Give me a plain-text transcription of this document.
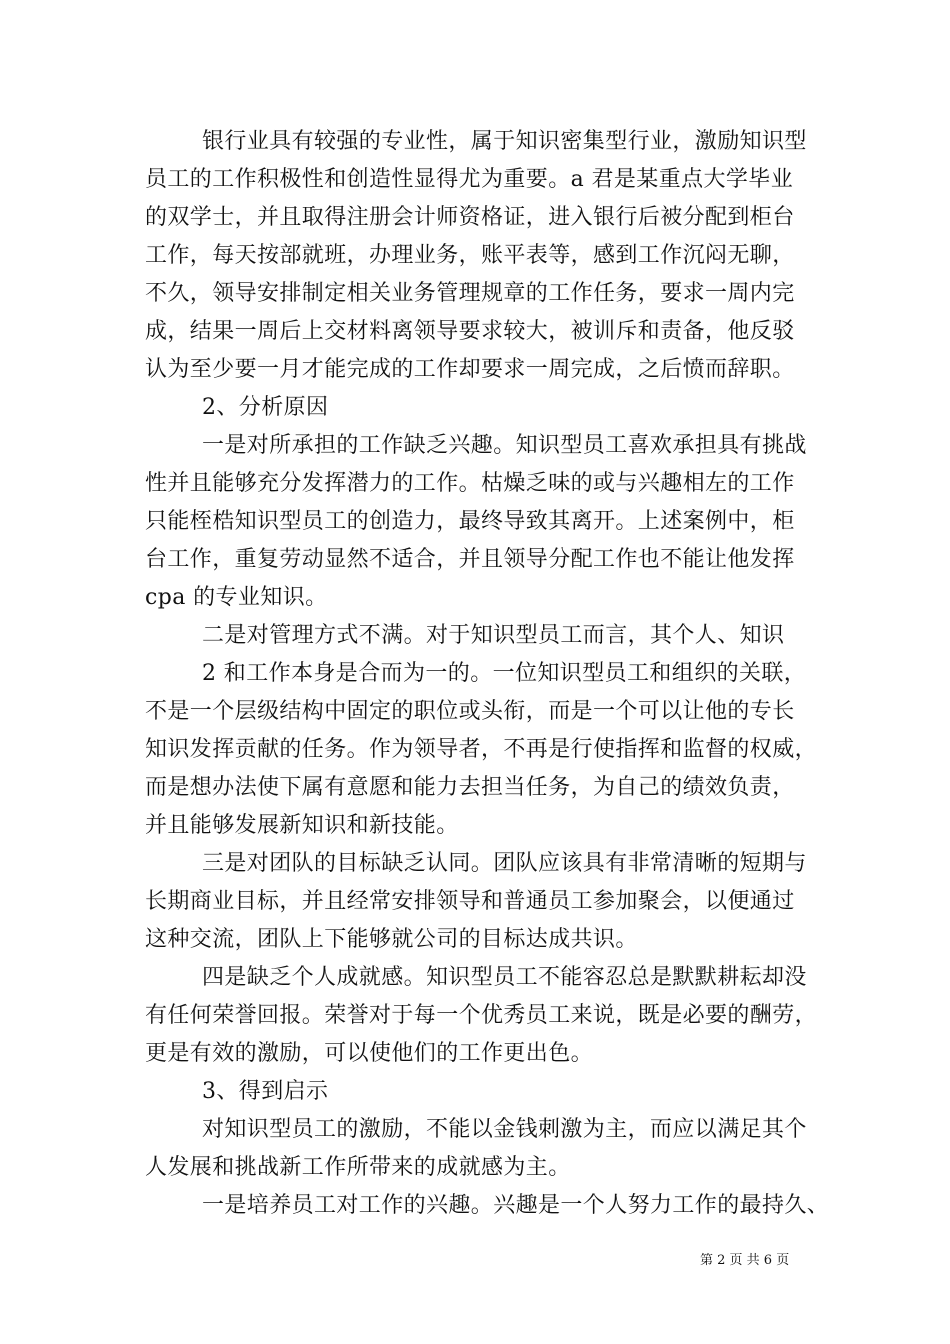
银行业具有较强的专业性，属于知识密集型行业，激励知识型
员工的工作积极性和创造性显得尤为重要。a 君是某重点大学毕业
的双学士，并且取得注册会计师资格证，进入银行后被分配到柜台
工作，每天按部就班，办理业务，账平表等，感到工作沉闷无聊，
不久，领导安排制定相关业务管理规章的工作任务，要求一周内完
成，结果一周后上交材料离领导要求较大，被训斥和责备，他反驳
认为至少要一月才能完成的工作却要求一周完成，之后愤而辞职。
2、分析原因
一是对所承担的工作缺乏兴趣。知识型员工喜欢承担具有挑战
性并且能够充分发挥潜力的工作。枯燥乏味的或与兴趣相左的工作
只能桎梏知识型员工的创造力，最终导致其离开。上述案例中，柜
台工作，重复劳动显然不适合，并且领导分配工作也不能让他发挥
cpa 的专业知识。
二是对管理方式不满。对于知识型员工而言，其个人、知识
2 和工作本身是合而为一的。一位知识型员工和组织的关联，
不是一个层级结构中固定的职位或头衔，而是一个可以让他的专长
知识发挥贡献的任务。作为领导者，不再是行使指挥和监督的权威，
而是想办法使下属有意愿和能力去担当任务，为自己的绩效负责，
并且能够发展新知识和新技能。
三是对团队的目标缺乏认同。团队应该具有非常清晰的短期与
长期商业目标，并且经常安排领导和普通员工参加聚会，以便通过
这种交流，团队上下能够就公司的目标达成共识。
四是缺乏个人成就感。知识型员工不能容忍总是默默耕耘却没
有任何荣誉回报。荣誉对于每一个优秀员工来说，既是必要的酬劳，
更是有效的激励，可以使他们的工作更出色。
3、得到启示
对知识型员工的激励，不能以金钱刺激为主，而应以满足其个
人发展和挑战新工作所带来的成就感为主。
一是培养员工对工作的兴趣。兴趣是一个人努力工作的最持久、
第 2 页 共 6 页
